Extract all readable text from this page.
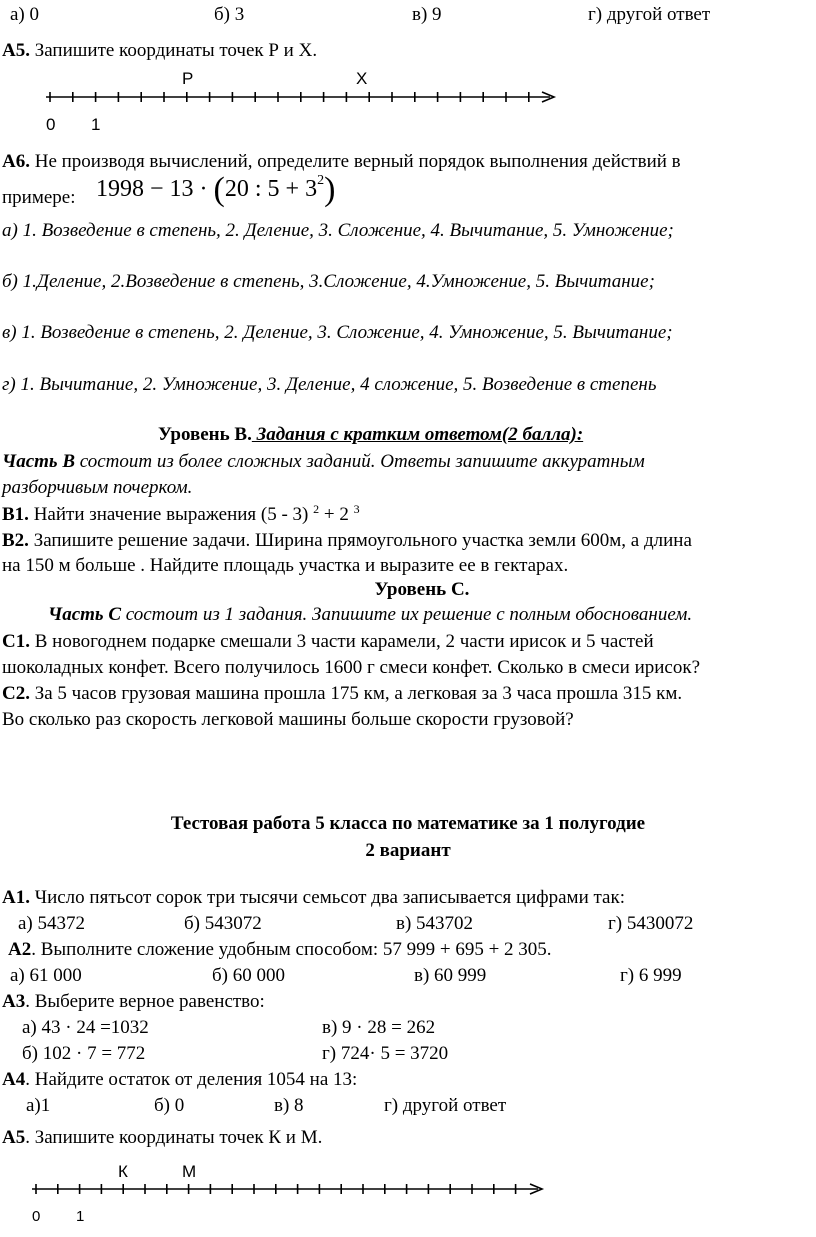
а) 0	б) 3	в) 9	г) другой ответ
А5. Запишите координаты точек Р и Х.
Р	Х
0 1
А6. Не производя вычислений, определите верный порядок выполнения действий в
примере: 1998 − 13 · (20 : $5 + 3^2$)
а) 1. Возведение в степень, 2. Деление, 3. Сложение, 4. Вычитание, 5. Умножение;
б) 1.Деление, 2.Возведение в степень, 3.Сложение, 4.Умножение, 5. Вычитание;
в) 1. Возведение в степень, 2. Деление, 3. Сложение, 4. Умножение, 5. Вычитание;
г) 1. Вычитание, 2. Умножение, 3. Деление, 4 сложение, 5. Возведение в степень
Уровень В. Задания с кратким ответом(2 балла):
Часть В состоит из более сложных заданий. Ответы запишите аккуратным
разборчивым почерком.
В1. Найти значение выражения (5 - 3) $^2$ + 2 $^3$
В2. Запишите решение задачи. Ширина прямоугольного участка земли 600м, а длина
на 150 м больше . Найдите площадь участка и выразите ее в гектарах.
Уровень С.
Часть С состоит из 1 задания. Запишите их решение с полным обоснованием.
С1. В новогоднем подарке смешали 3 части карамели, 2 части ирисок и 5 частей
шоколадных конфет. Всего получилось 1600 г смеси конфет. Сколько в смеси ирисок?
С2. За 5 часов грузовая машина прошла 175 км, а легковая за 3 часа прошла 315 км.
Во сколько раз скорость легковой машины больше скорости грузовой?
Тестовая работа 5 класса по математике за 1 полугодие
2 вариант
А1. Число пятьсот сорок три тысячи семьсот два записывается цифрами так:
а) 54372	б) 543072	в) 543702	г) 5430072
А2. Выполните сложение удобным способом: 57 999 + 695 + 2 305.
а) 61 000	б) 60 000	в) 60 999	г) 6 999
А3. Выберите верное равенство:
а) 43 · 24 =1032	в) 9 · 28 = 262
б) 102 · 7 = 772	г) 724· 5 = 3720
А4. Найдите остаток от деления 1054 на 13:
а)1	б) 0	в) 8	г) другой ответ
А5. Запишите координаты точек К и М.
К	М
0 1
